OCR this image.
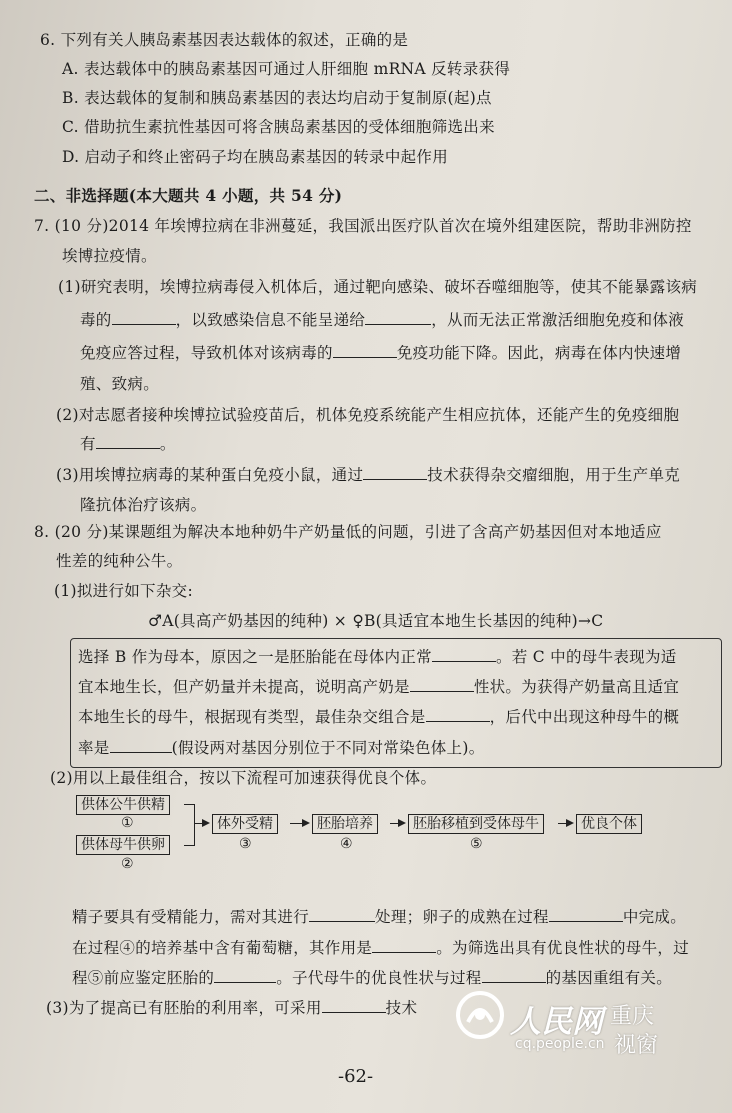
6. 下列有关人胰岛素基因表达载体的叙述，正确的是
A. 表达载体中的胰岛素基因可通过人肝细胞 mRNA 反转录获得
B. 表达载体的复制和胰岛素基因的表达均启动于复制原(起)点
C. 借助抗生素抗性基因可将含胰岛素基因的受体细胞筛选出来
D. 启动子和终止密码子均在胰岛素基因的转录中起作用
二、非选择题(本大题共 4 小题，共 54 分)
7. (10 分)2014 年埃博拉病在非洲蔓延，我国派出医疗队首次在境外组建医院，帮助非洲防控
埃博拉疫情。
(1)研究表明，埃博拉病毒侵入机体后，通过靶向感染、破坏吞噬细胞等，使其不能暴露该病
毒的	，以致感染信息不能呈递给	，从而无法正常激活细胞免疫和体液
免疫应答过程，导致机体对该病毒的	免疫功能下降。因此，病毒在体内快速增
殖、致病。
(2)对志愿者接种埃博拉试验疫苗后，机体免疫系统能产生相应抗体，还能产生的免疫细胞
有	。
(3)用埃博拉病毒的某种蛋白免疫小鼠，通过	技术获得杂交瘤细胞，用于生产单克
隆抗体治疗该病。
8. (20 分)某课题组为解决本地种奶牛产奶量低的问题，引进了含高产奶基因但对本地适应
性差的纯种公牛。
(1)拟进行如下杂交:
♂A(具高产奶基因的纯种) × ♀B(具适宜本地生长基因的纯种)→C
选择 B 作为母本，原因之一是胚胎能在母体内正常	。若 C 中的母牛表现为适
宜本地生长，但产奶量并未提高，说明高产奶是	性状。为获得产奶量高且适宜
本地生长的母牛，根据现有类型，最佳杂交组合是	，后代中出现这种母牛的概
率是	(假设两对基因分别位于不同对常染色体上)。
(2)用以上最佳组合，按以下流程可加速获得优良个体。
供体公牛供精
①
供体母牛供卵
②
体外受精
③
胚胎培养
④
胚胎移植到受体母牛
⑤
优良个体
精子要具有受精能力，需对其进行	处理；卵子的成熟在过程	中完成。
在过程④的培养基中含有葡萄糖，其作用是	。为筛选出具有优良性状的母牛，过
程⑤前应鉴定胚胎的	。子代母牛的优良性状与过程	的基因重组有关。
(3)为了提高已有胚胎的利用率，可采用	技术
-62-
人民网 重庆
cq.people.cn 视窗
